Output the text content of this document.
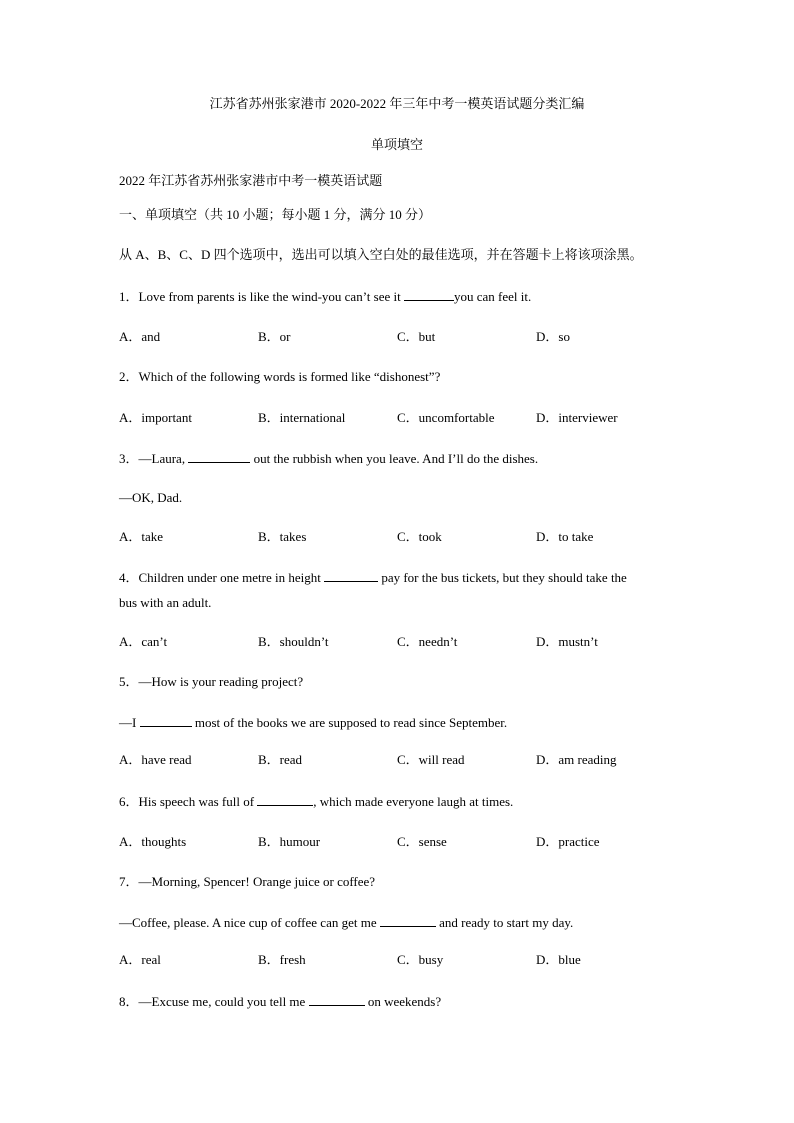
江苏省苏州张家港市 2020-2022 年三年中考一模英语试题分类汇编
单项填空
2022 年江苏省苏州张家港市中考一模英语试题
一、单项填空（共 10 小题；每小题 1 分，满分 10 分）
从 A、B、C、D 四个选项中，选出可以填入空白处的最佳选项，并在答题卡上将该项涂黑。
1．Love from parents is like the wind-you can’t see it	you can feel it.
A．and	B．or	C．but	D．so
2．Which of the following words is formed like “dishonest”?
A．important	B．international	C．uncomfortable	D．interviewer
3．—Laura,	out the rubbish when you leave. And I’ll do the dishes.
—OK, Dad.
A．take	B．takes	C．took	D．to take
4．Children under one metre in height	pay for the bus tickets, but they should take the
bus with an adult.
A．can’t	B．shouldn’t	C．needn’t	D．mustn’t
5．—How is your reading project?
—I	most of the books we are supposed to read since September.
A．have read	B．read	C．will read	D．am reading
6．His speech was full of	, which made everyone laugh at times.
A．thoughts	B．humour	C．sense	D．practice
7．—Morning, Spencer! Orange juice or coffee?
—Coffee, please. A nice cup of coffee can get me	and ready to start my day.
A．real	B．fresh	C．busy	D．blue
8．—Excuse me, could you tell me	on weekends?
